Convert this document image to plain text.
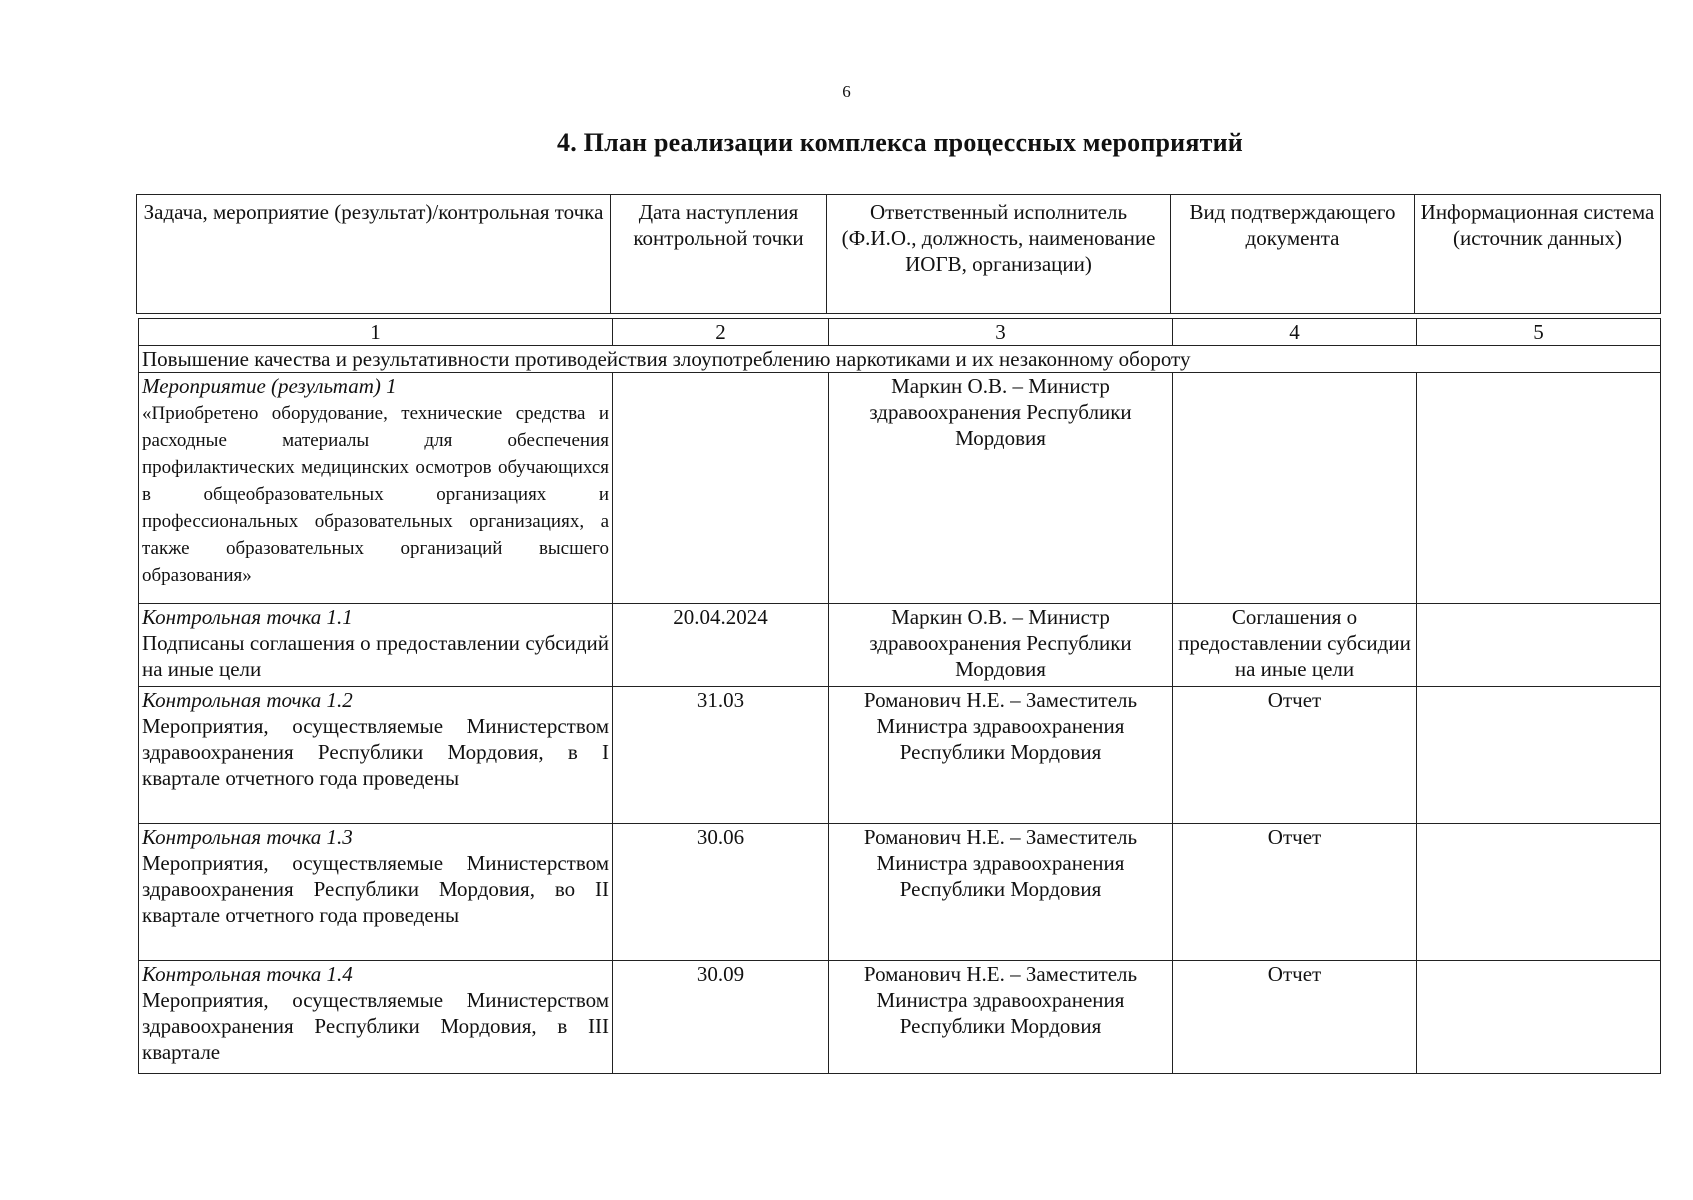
6
4. План реализации комплекса процессных мероприятий
Задача, мероприятие (результат)/контрольная точка	Дата наступления контрольной точки	Ответственный исполнитель (Ф.И.О., должность, наименование ИОГВ, организации)	Вид подтверждающего документа	Информационная система (источник данных)
1	2	3	4	5
Повышение качества и результативности противодействия злоупотреблению наркотиками и их незаконному обороту				

Мероприятие (результат) 1
«Приобретено оборудование, технические средства и расходные материалы для обеспечения профилактических медицинских осмотров обучающихся в общеобразовательных организациях и профессиональных образовательных организациях, а также образовательных организаций высшего образования»		Маркин О.В. – Министр здравоохранения Республики Мордовия		

Контрольная точка 1.1
Подписаны соглашения о предоставлении субсидий на иные цели	20.04.2024	Маркин О.В. – Министр здравоохранения Республики Мордовия	Соглашения о предоставлении субсидии на иные цели	

Контрольная точка 1.2
Мероприятия, осуществляемые Министерством здравоохранения Республики Мордовия, в I квартале отчетного года проведены	31.03	Романович Н.Е. – Заместитель Министра здравоохранения Республики Мордовия	Отчет	

Контрольная точка 1.3
Мероприятия, осуществляемые Министерством здравоохранения Республики Мордовия, во II квартале отчетного года проведены	30.06	Романович Н.Е. – Заместитель Министра здравоохранения Республики Мордовия	Отчет	

Контрольная точка 1.4
Мероприятия, осуществляемые Министерством здравоохранения Республики Мордовия, в III квартале	30.09	Романович Н.Е. – Заместитель Министра здравоохранения Республики Мордовия	Отчет	
